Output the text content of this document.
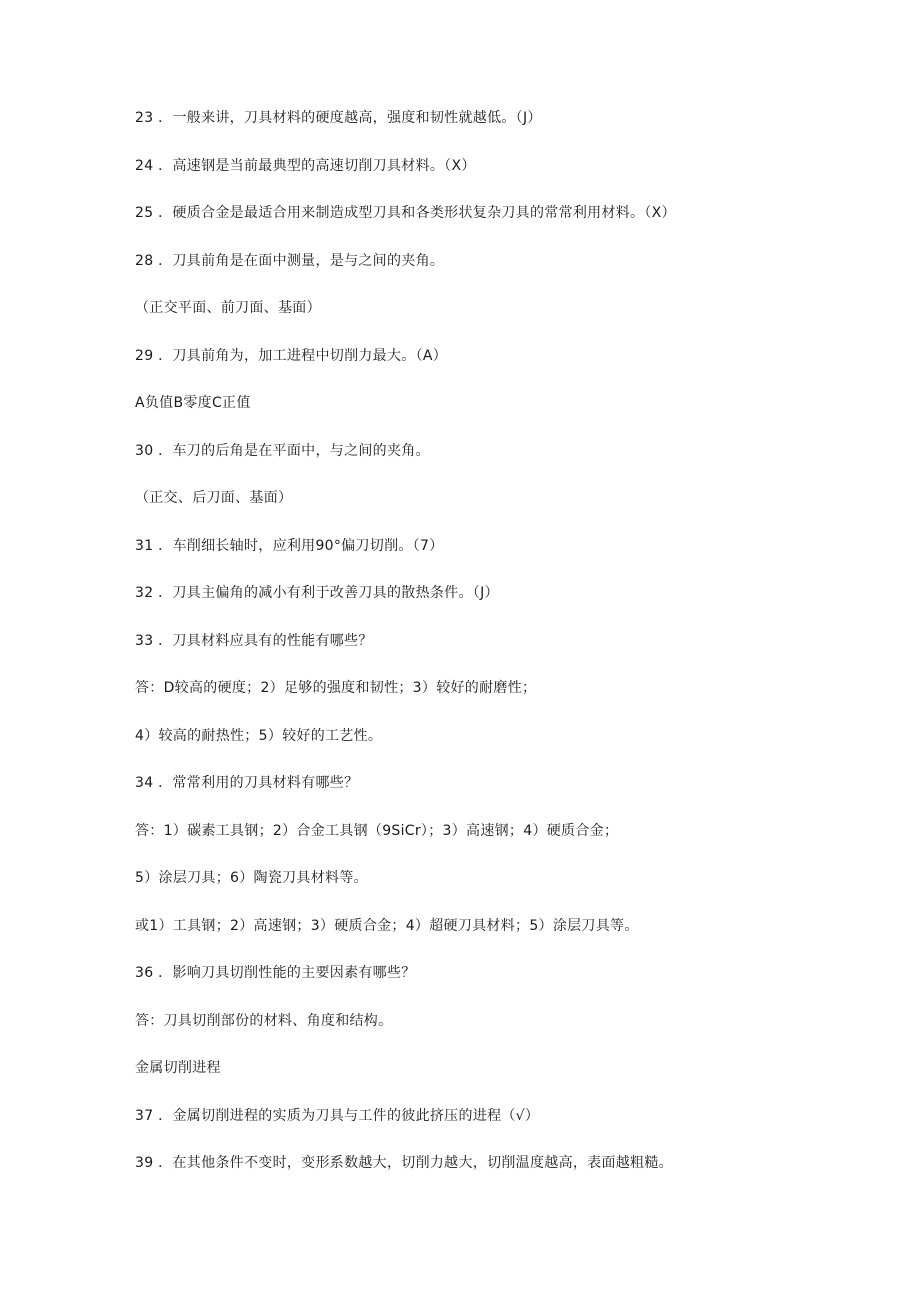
23 ．一般来讲，刀具材料的硬度越高，强度和韧性就越低。（J）
24 ．高速钢是当前最典型的高速切削刀具材料。（X）
25 ．硬质合金是最适合用来制造成型刀具和各类形状复杂刀具的常常利用材料。（X）
28 ．刀具前角是在面中测量，是与之间的夹角。
（正交平面、前刀面、基面）
29 ．刀具前角为，加工进程中切削力最大。（A）
A负值B零度C正值
30 ．车刀的后角是在平面中，与之间的夹角。
（正交、后刀面、基面）
31 ．车削细长轴时，应利用90°偏刀切削。（7）
32 ．刀具主偏角的减小有利于改善刀具的散热条件。（J）
33 ．刀具材料应具有的性能有哪些？
答：D较高的硬度；2）足够的强度和韧性；3）较好的耐磨性；
4）较高的耐热性；5）较好的工艺性。
34 ．常常利用的刀具材料有哪些？
答：1）碳素工具钢；2）合金工具钢（9SiCr）；3）高速钢；4）硬质合金；
5）涂层刀具；6）陶瓷刀具材料等。
或1）工具钢；2）高速钢；3）硬质合金；4）超硬刀具材料；5）涂层刀具等。
36 ．影响刀具切削性能的主要因素有哪些？
答：刀具切削部份的材料、角度和结构。
金属切削进程
37 ．金属切削进程的实质为刀具与工件的彼此挤压的进程（√）
39 ．在其他条件不变时，变形系数越大，切削力越大，切削温度越高，表面越粗糙。
